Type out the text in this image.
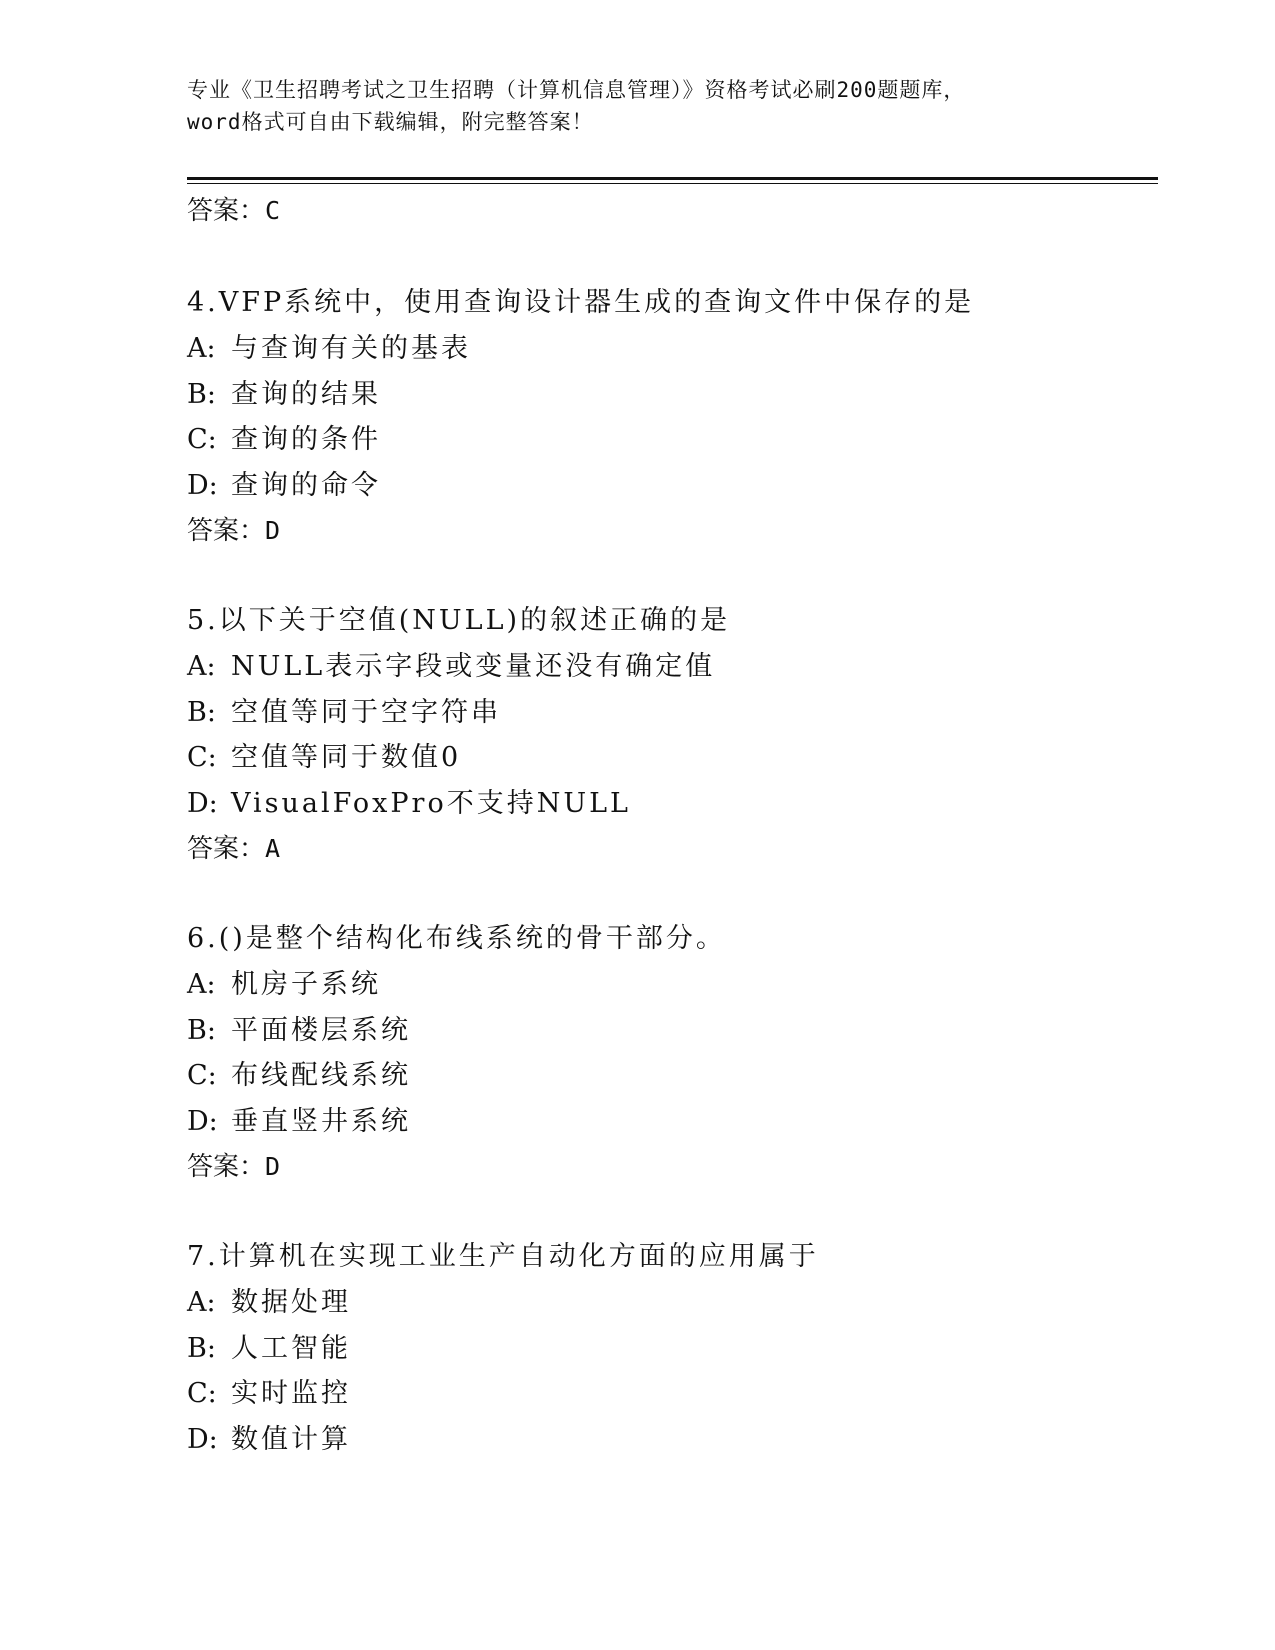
专业《卫生招聘考试之卫生招聘（计算机信息管理）》资格考试必刷200题题库，
word格式可自由下载编辑，附完整答案！
答案：C
4.VFP系统中，使用查询设计器生成的查询文件中保存的是
A: 与查询有关的基表
B: 查询的结果
C: 查询的条件
D: 查询的命令
答案：D
5.以下关于空值(NULL)的叙述正确的是
A: NULL表示字段或变量还没有确定值
B: 空值等同于空字符串
C: 空值等同于数值0
D: VisualFoxPro不支持NULL
答案：A
6.()是整个结构化布线系统的骨干部分。
A: 机房子系统
B: 平面楼层系统
C: 布线配线系统
D: 垂直竖井系统
答案：D
7.计算机在实现工业生产自动化方面的应用属于
A: 数据处理
B: 人工智能
C: 实时监控
D: 数值计算
